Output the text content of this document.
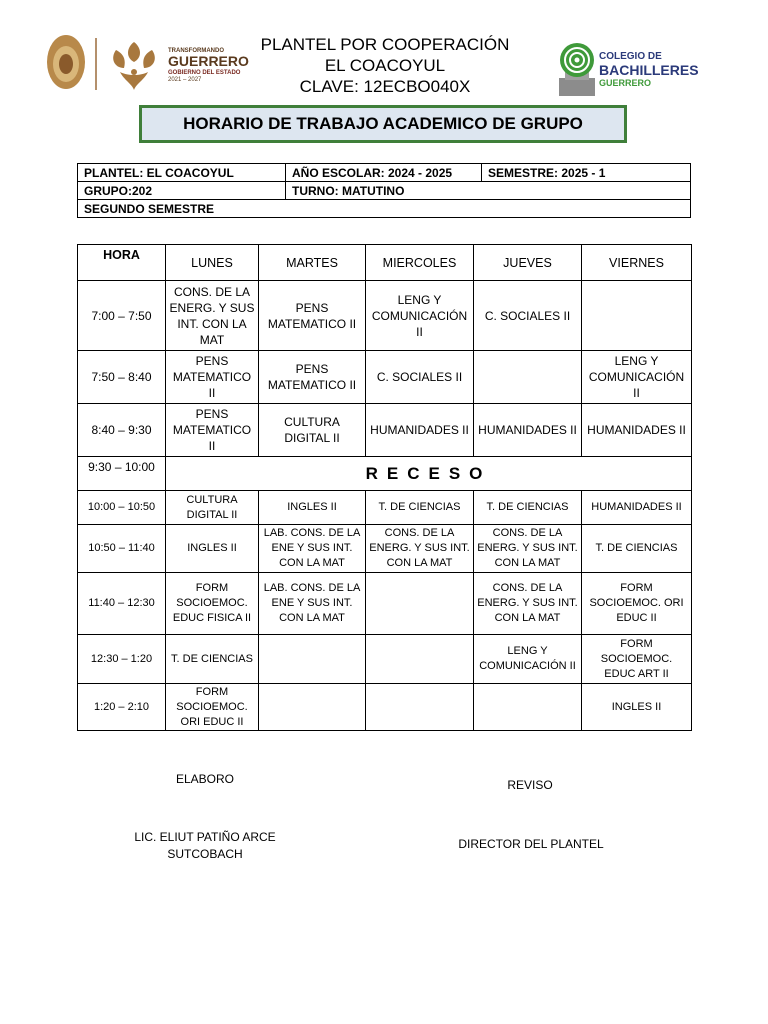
TRANSFORMANDO
GUERRERO
GOBIERNO DEL ESTADO
2021 – 2027
PLANTEL POR COOPERACIÓN
EL COACOYUL
CLAVE: 12ECBO040X
COLEGIO DE
BACHILLERES
GUERRERO
HORARIO DE TRABAJO ACADEMICO DE GRUPO
PLANTEL: EL COACOYUL	AÑO ESCOLAR: 2024 - 2025	SEMESTRE: 2025 - 1
GRUPO:202	TURNO: MATUTINO	
SEGUNDO SEMESTRE		
HORA	LUNES	MARTES	MIERCOLES	JUEVES	VIERNES
7:00 – 7:50	CONS. DE LA ENERG. Y SUS INT. CON LA MAT	PENS MATEMATICO II	LENG Y COMUNICACIÓN II	C. SOCIALES II	
7:50 – 8:40	PENS MATEMATICO II	PENS MATEMATICO II	C. SOCIALES II		LENG Y COMUNICACIÓN II
8:40 – 9:30	PENS MATEMATICO II	CULTURA DIGITAL II	HUMANIDADES II	HUMANIDADES II	HUMANIDADES II
9:30 – 10:00	RECESO				
10:00 – 10:50	CULTURA DIGITAL II	INGLES II	T. DE CIENCIAS	T. DE CIENCIAS	HUMANIDADES II
10:50 – 11:40	INGLES II	LAB. CONS. DE LA ENE Y SUS INT. CON LA MAT	CONS. DE LA ENERG. Y SUS INT. CON LA MAT	CONS. DE LA ENERG. Y SUS INT. CON LA MAT	T. DE CIENCIAS
11:40 – 12:30	FORM SOCIOEMOC. EDUC FISICA II	LAB. CONS. DE LA ENE Y SUS INT. CON LA MAT		CONS. DE LA ENERG. Y SUS INT. CON LA MAT	FORM SOCIOEMOC. ORI EDUC II
12:30 – 1:20	T. DE CIENCIAS			LENG Y COMUNICACIÓN II	FORM SOCIOEMOC. EDUC ART II
1:20 – 2:10	FORM SOCIOEMOC. ORI EDUC II				INGLES II
ELABORO	REVISO
LIC. ELIUT PATIÑO ARCE
SUTCOBACH
DIRECTOR DEL PLANTEL
